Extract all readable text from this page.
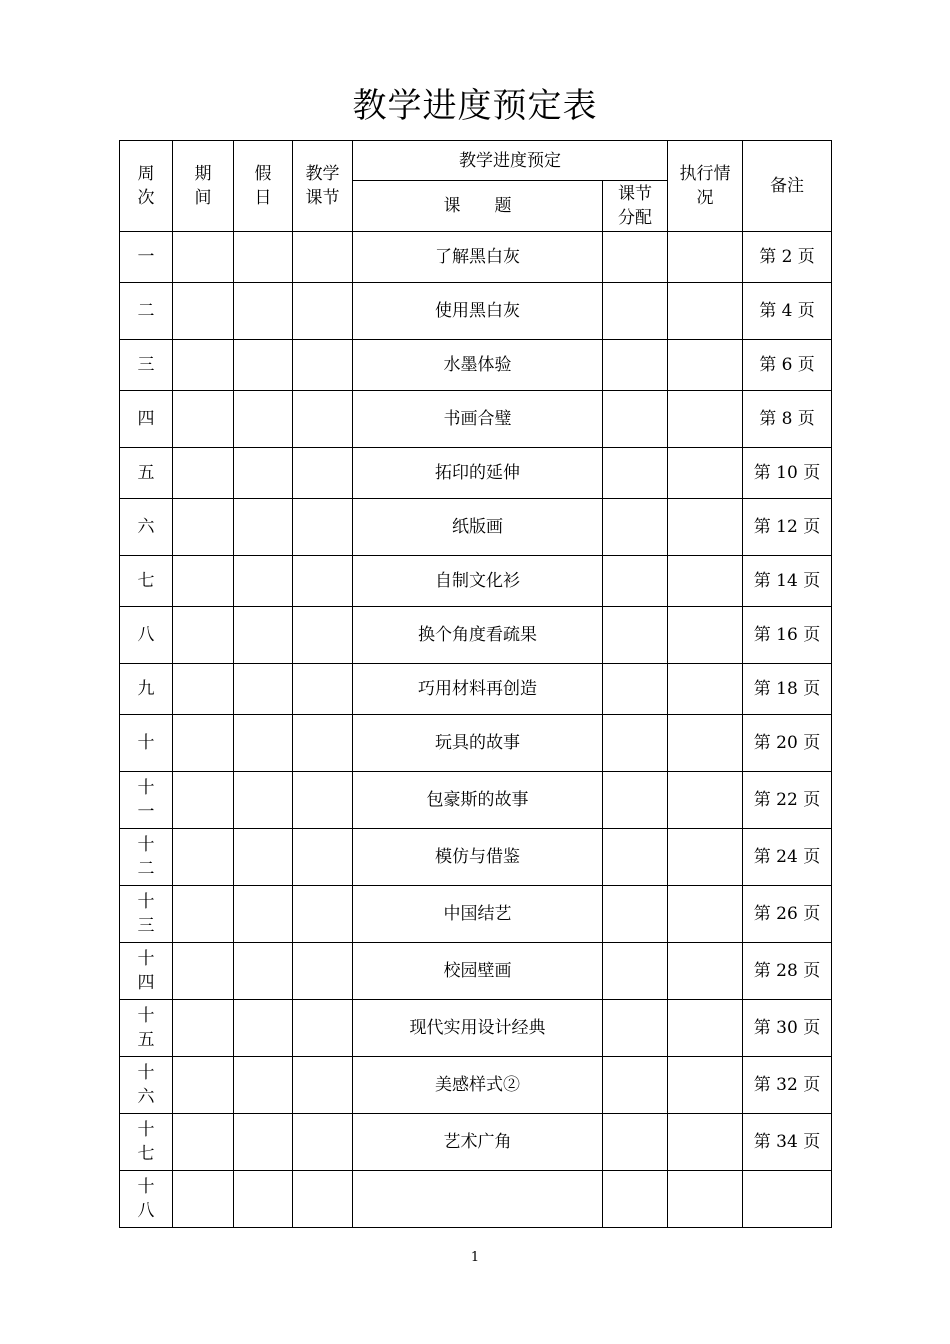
教学进度预定表
周次	期间	假日	教学课节	教学进度预定		执行情况	备注
				课　　题	课节分配		
一				了解黑白灰			第 2 页
二				使用黑白灰			第 4 页
三				水墨体验			第 6 页
四				书画合璧			第 8 页
五				拓印的延伸			第 10 页
六				纸版画			第 12 页
七				自制文化衫			第 14 页
八				换个角度看疏果			第 16 页
九				巧用材料再创造			第 18 页
十				玩具的故事			第 20 页
十一				包豪斯的故事			第 22 页
十二				模仿与借鉴			第 24 页
十三				中国结艺			第 26 页
十四				校园壁画			第 28 页
十五				现代实用设计经典			第 30 页
十六				美感样式②			第 32 页
十七				艺术广角			第 34 页
十八							
1
